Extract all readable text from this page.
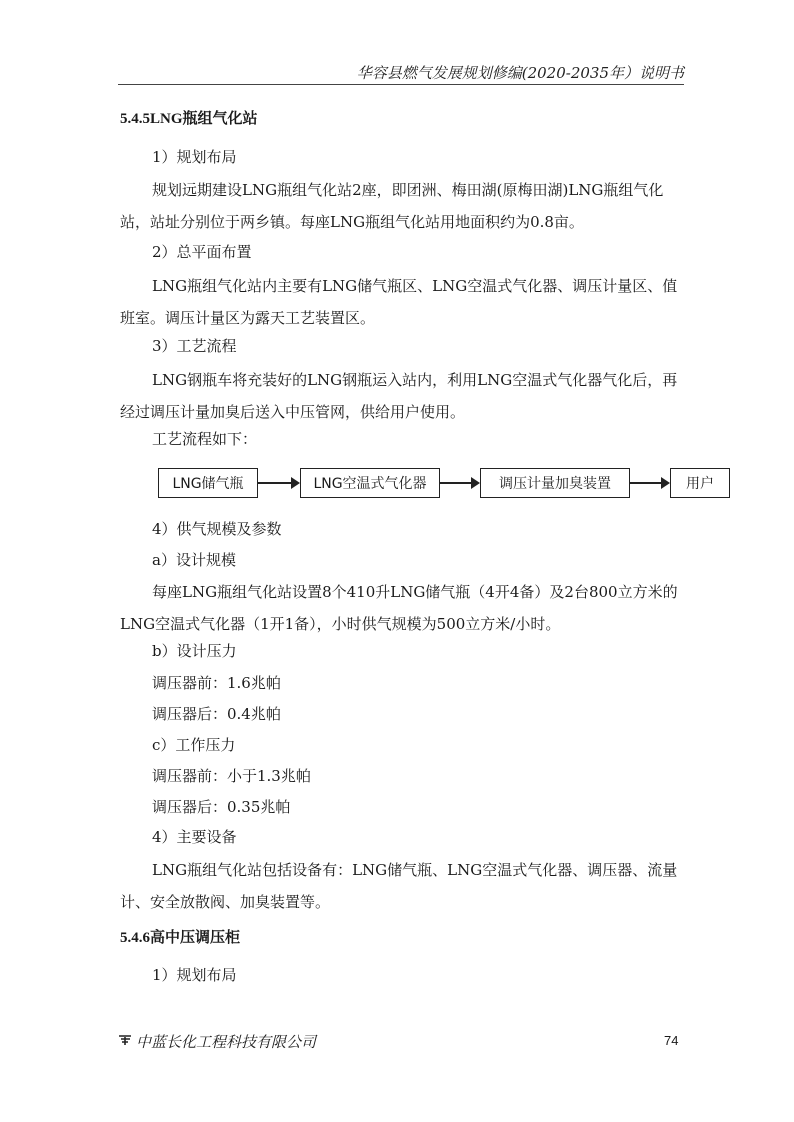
华容县燃气发展规划修编(2020-2035年）说明书
5.4.5LNG瓶组气化站
1）规划布局

规划远期建设LNG瓶组气化站2座，即团洲、梅田湖(原梅田湖)LNG瓶组气化站，站址分别位于两乡镇。每座LNG瓶组气化站用地面积约为0.8亩。

2）总平面布置

LNG瓶组气化站内主要有LNG储气瓶区、LNG空温式气化器、调压计量区、值班室。调压计量区为露天工艺装置区。

3）工艺流程

LNG钢瓶车将充装好的LNG钢瓶运入站内，利用LNG空温式气化器气化后，再经过调压计量加臭后送入中压管网，供给用户使用。

工艺流程如下：
LNG储气瓶	LNG空温式气化器	调压计量加臭装置	用户
4）供气规模及参数
a）设计规模

每座LNG瓶组气化站设置8个410升LNG储气瓶（4开4备）及2台800立方米的LNG空温式气化器（1开1备），小时供气规模为500立方米/小时。

b）设计压力
调压器前：1.6兆帕
调压器后：0.4兆帕
c）工作压力
调压器前：小于1.3兆帕
调压器后：0.35兆帕
4）主要设备

LNG瓶组气化站包括设备有：LNG储气瓶、LNG空温式气化器、调压器、流量计、安全放散阀、加臭装置等。

5.4.6高中压调压柜
1）规划布局
中蓝长化工程科技有限公司	74
